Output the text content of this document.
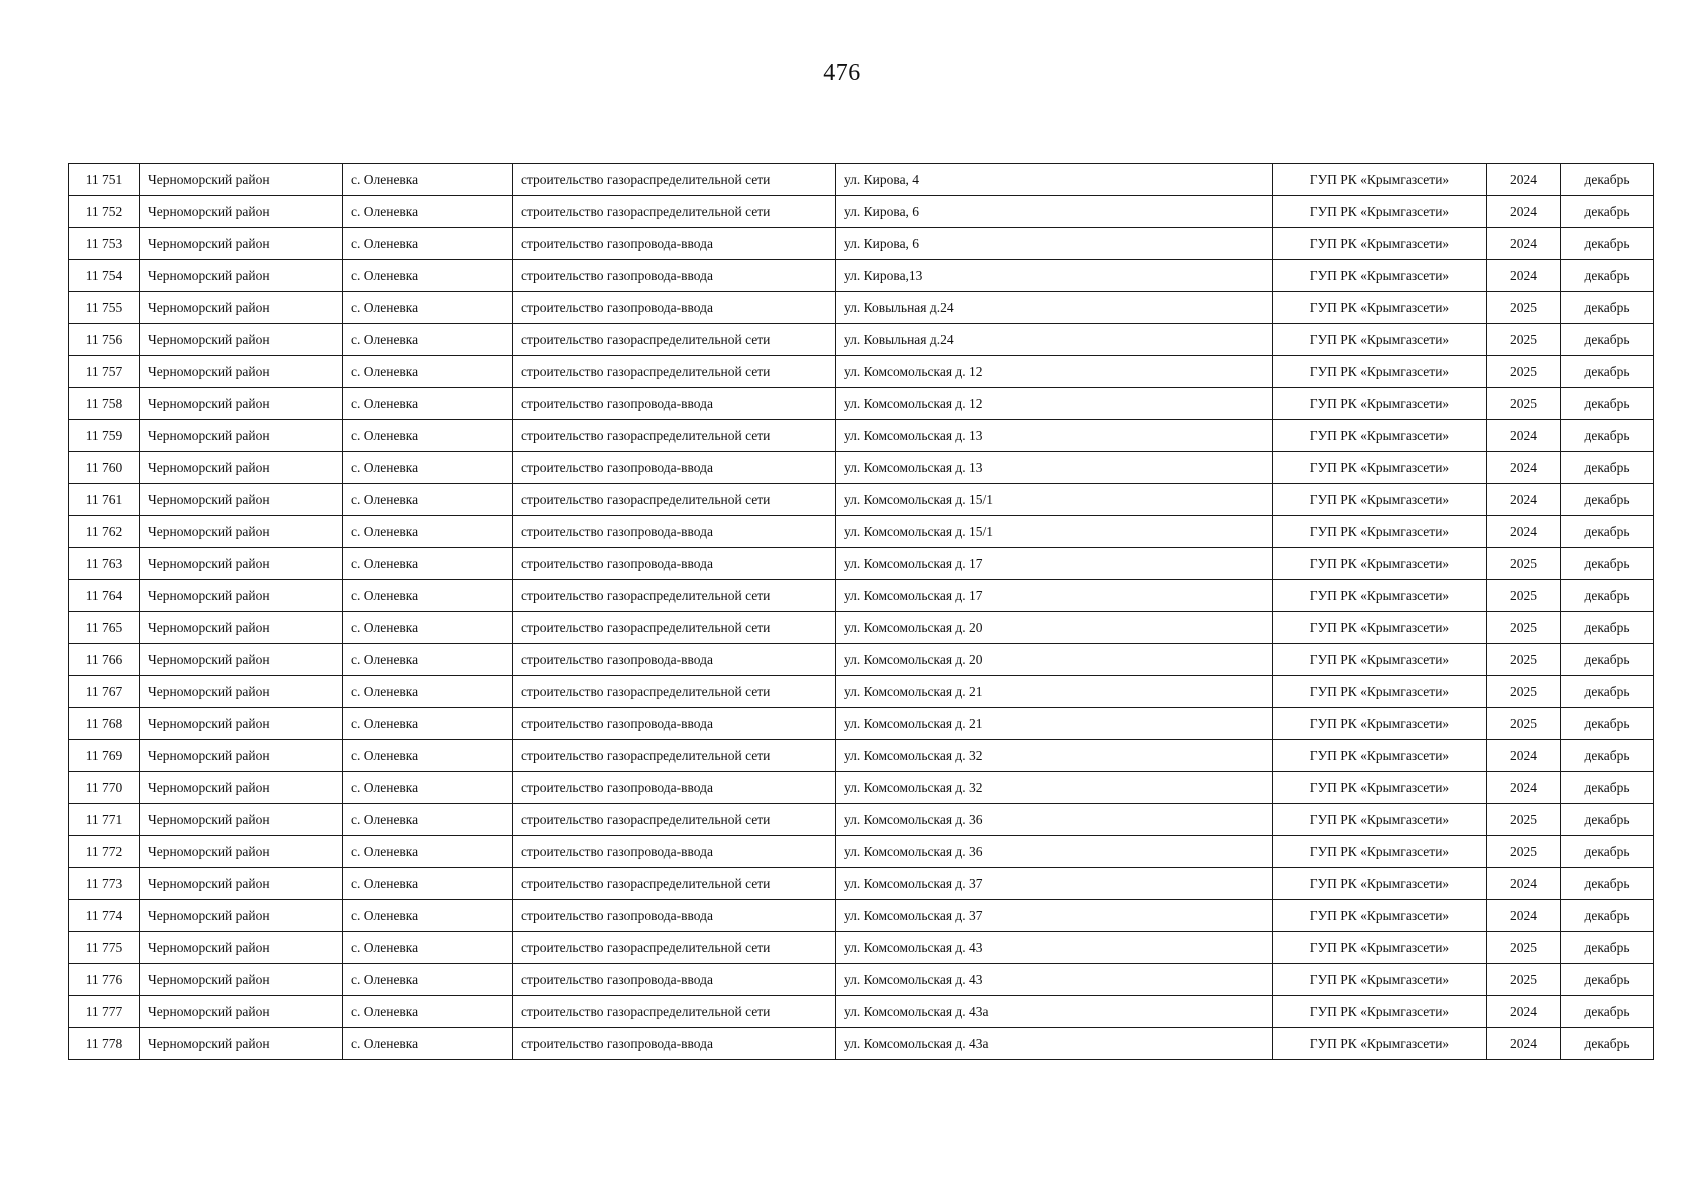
476
11 751	Черноморский район	с. Оленевка	строительство газораспределительной сети	ул. Кирова, 4	ГУП РК «Крымгазсети»	2024	декабрь
11 752	Черноморский район	с. Оленевка	строительство газораспределительной сети	ул. Кирова, 6	ГУП РК «Крымгазсети»	2024	декабрь
11 753	Черноморский район	с. Оленевка	строительство газопровода-ввода	ул. Кирова, 6	ГУП РК «Крымгазсети»	2024	декабрь
11 754	Черноморский район	с. Оленевка	строительство газопровода-ввода	ул. Кирова,13	ГУП РК «Крымгазсети»	2024	декабрь
11 755	Черноморский район	с. Оленевка	строительство газопровода-ввода	ул. Ковыльная д.24	ГУП РК «Крымгазсети»	2025	декабрь
11 756	Черноморский район	с. Оленевка	строительство газораспределительной сети	ул. Ковыльная д.24	ГУП РК «Крымгазсети»	2025	декабрь
11 757	Черноморский район	с. Оленевка	строительство газораспределительной сети	ул. Комсомольская д. 12	ГУП РК «Крымгазсети»	2025	декабрь
11 758	Черноморский район	с. Оленевка	строительство газопровода-ввода	ул. Комсомольская д. 12	ГУП РК «Крымгазсети»	2025	декабрь
11 759	Черноморский район	с. Оленевка	строительство газораспределительной сети	ул. Комсомольская д. 13	ГУП РК «Крымгазсети»	2024	декабрь
11 760	Черноморский район	с. Оленевка	строительство газопровода-ввода	ул. Комсомольская д. 13	ГУП РК «Крымгазсети»	2024	декабрь
11 761	Черноморский район	с. Оленевка	строительство газораспределительной сети	ул. Комсомольская д. 15/1	ГУП РК «Крымгазсети»	2024	декабрь
11 762	Черноморский район	с. Оленевка	строительство газопровода-ввода	ул. Комсомольская д. 15/1	ГУП РК «Крымгазсети»	2024	декабрь
11 763	Черноморский район	с. Оленевка	строительство газопровода-ввода	ул. Комсомольская д. 17	ГУП РК «Крымгазсети»	2025	декабрь
11 764	Черноморский район	с. Оленевка	строительство газораспределительной сети	ул. Комсомольская д. 17	ГУП РК «Крымгазсети»	2025	декабрь
11 765	Черноморский район	с. Оленевка	строительство газораспределительной сети	ул. Комсомольская д. 20	ГУП РК «Крымгазсети»	2025	декабрь
11 766	Черноморский район	с. Оленевка	строительство газопровода-ввода	ул. Комсомольская д. 20	ГУП РК «Крымгазсети»	2025	декабрь
11 767	Черноморский район	с. Оленевка	строительство газораспределительной сети	ул. Комсомольская д. 21	ГУП РК «Крымгазсети»	2025	декабрь
11 768	Черноморский район	с. Оленевка	строительство газопровода-ввода	ул. Комсомольская д. 21	ГУП РК «Крымгазсети»	2025	декабрь
11 769	Черноморский район	с. Оленевка	строительство газораспределительной сети	ул. Комсомольская д. 32	ГУП РК «Крымгазсети»	2024	декабрь
11 770	Черноморский район	с. Оленевка	строительство газопровода-ввода	ул. Комсомольская д. 32	ГУП РК «Крымгазсети»	2024	декабрь
11 771	Черноморский район	с. Оленевка	строительство газораспределительной сети	ул. Комсомольская д. 36	ГУП РК «Крымгазсети»	2025	декабрь
11 772	Черноморский район	с. Оленевка	строительство газопровода-ввода	ул. Комсомольская д. 36	ГУП РК «Крымгазсети»	2025	декабрь
11 773	Черноморский район	с. Оленевка	строительство газораспределительной сети	ул. Комсомольская д. 37	ГУП РК «Крымгазсети»	2024	декабрь
11 774	Черноморский район	с. Оленевка	строительство газопровода-ввода	ул. Комсомольская д. 37	ГУП РК «Крымгазсети»	2024	декабрь
11 775	Черноморский район	с. Оленевка	строительство газораспределительной сети	ул. Комсомольская д. 43	ГУП РК «Крымгазсети»	2025	декабрь
11 776	Черноморский район	с. Оленевка	строительство газопровода-ввода	ул. Комсомольская д. 43	ГУП РК «Крымгазсети»	2025	декабрь
11 777	Черноморский район	с. Оленевка	строительство газораспределительной сети	ул. Комсомольская д. 43а	ГУП РК «Крымгазсети»	2024	декабрь
11 778	Черноморский район	с. Оленевка	строительство газопровода-ввода	ул. Комсомольская д. 43а	ГУП РК «Крымгазсети»	2024	декабрь
